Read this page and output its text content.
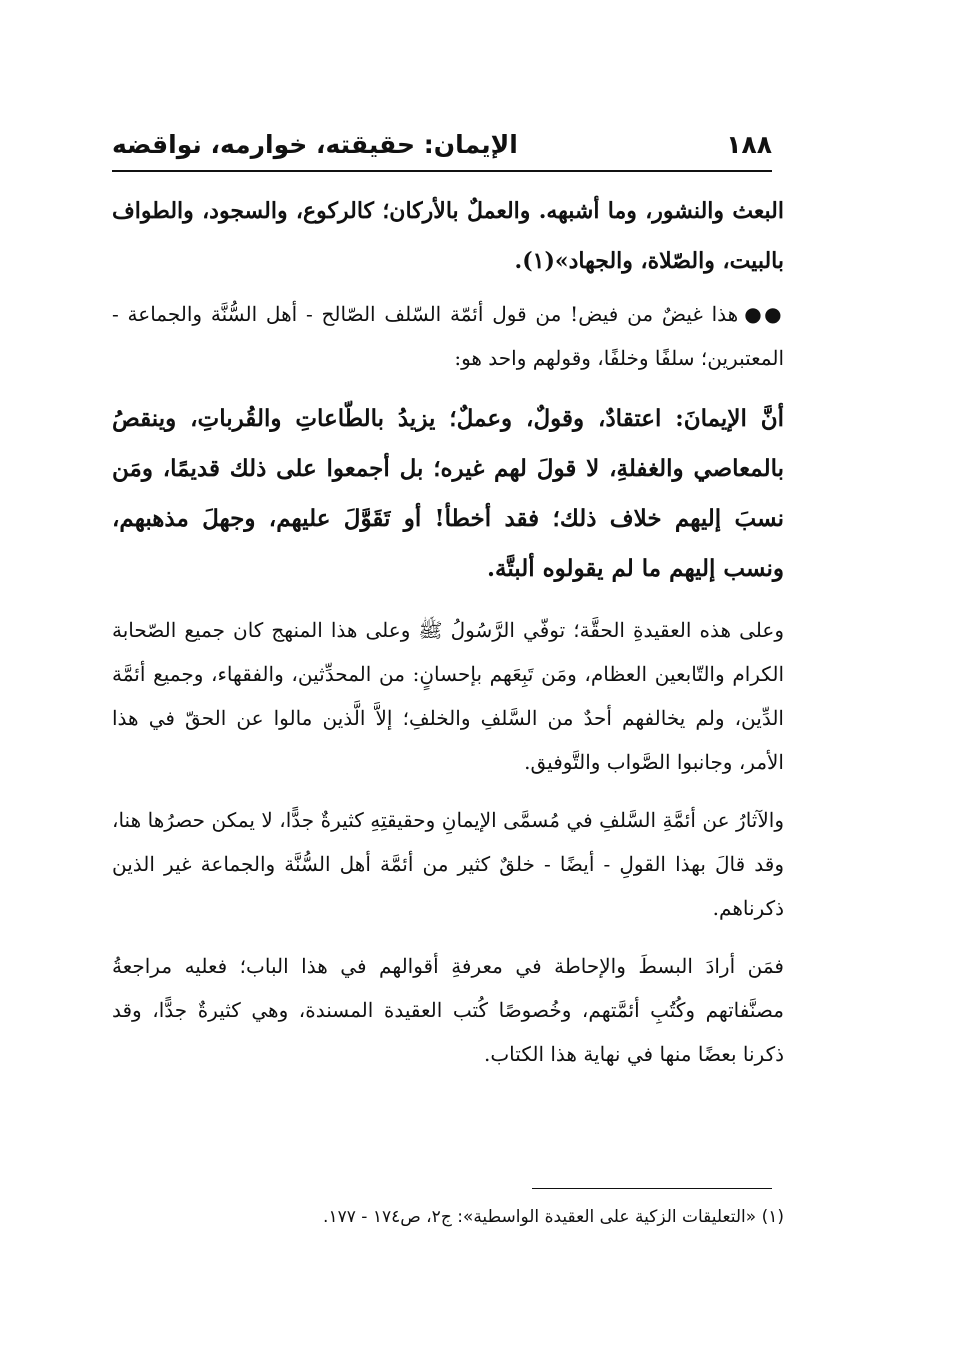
الإيمان: حقيقته، خوارمه، نواقضه	١٨٨

البعث والنشور، وما أشبهه. والعملٌ بالأركان؛ كالركوع، والسجود، والطواف بالبيت، والصّلاة، والجهاد»(١).

●●هذا غيضٌ من فيض! من قول أئمّة السّلف الصّالح - أهل السُّنَّة والجماعة - المعتبرين؛ سلفًا وخلفًا، وقولهم واحد هو:

أنَّ الإيمانَ: اعتقادٌ، وقولٌ، وعملٌ؛ يزيدُ بالطّاعاتِ والقُرباتِ، وينقصُ بالمعاصي والغفلةِ، لا قولَ لهم غيره؛ بل أجمعوا على ذلك قديمًا، ومَن نسبَ إليهم خلاف ذلك؛ فقد أخطأ! أو تَقَوَّلَ عليهم، وجهلَ مذهبهم، ونسب إليهم ما لم يقولوه ألبتَّة.

وعلى هذه العقيدةِ الحقَّة؛ توفّي الرَّسُولُ ﷺ وعلى هذا المنهج كان جميع الصّحابة الكرام والتّابعين العظام، ومَن تَبِعَهم بإحسانٍ: من المحدِّثين، والفقهاء، وجميع أئمَّة الدِّين، ولم يخالفهم أحدٌ من السَّلفِ والخلفِ؛ إلاَّ الَّذين مالوا عن الحقّ في هذا الأمر، وجانبوا الصَّواب والتَّوفيق.

والآثارُ عن أئمَّةِ السَّلفِ في مُسمَّى الإيمانِ وحقيقتِهِ كثيرةٌ جدًّا، لا يمكن حصرُها هنا، وقد قالَ بهذا القولِ - أيضًا - خلقٌ كثير من أئمَّة أهل السُّنَّة والجماعة غير الذين ذكرناهم.

فمَن أرادَ البسطَ والإحاطة في معرفةِ أقوالهم في هذا الباب؛ فعليه مراجعةُ مصنَّفاتهم وكُتُبِ أئمَّتهم، وخُصوصًا كُتب العقيدة المسندة، وهي كثيرةٌ جدًّا، وقد ذكرنا بعضًا منها في نهاية هذا الكتاب.

(١) «التعليقات الزكية على العقيدة الواسطية»: ج٢، ص١٧٤ - ١٧٧.
